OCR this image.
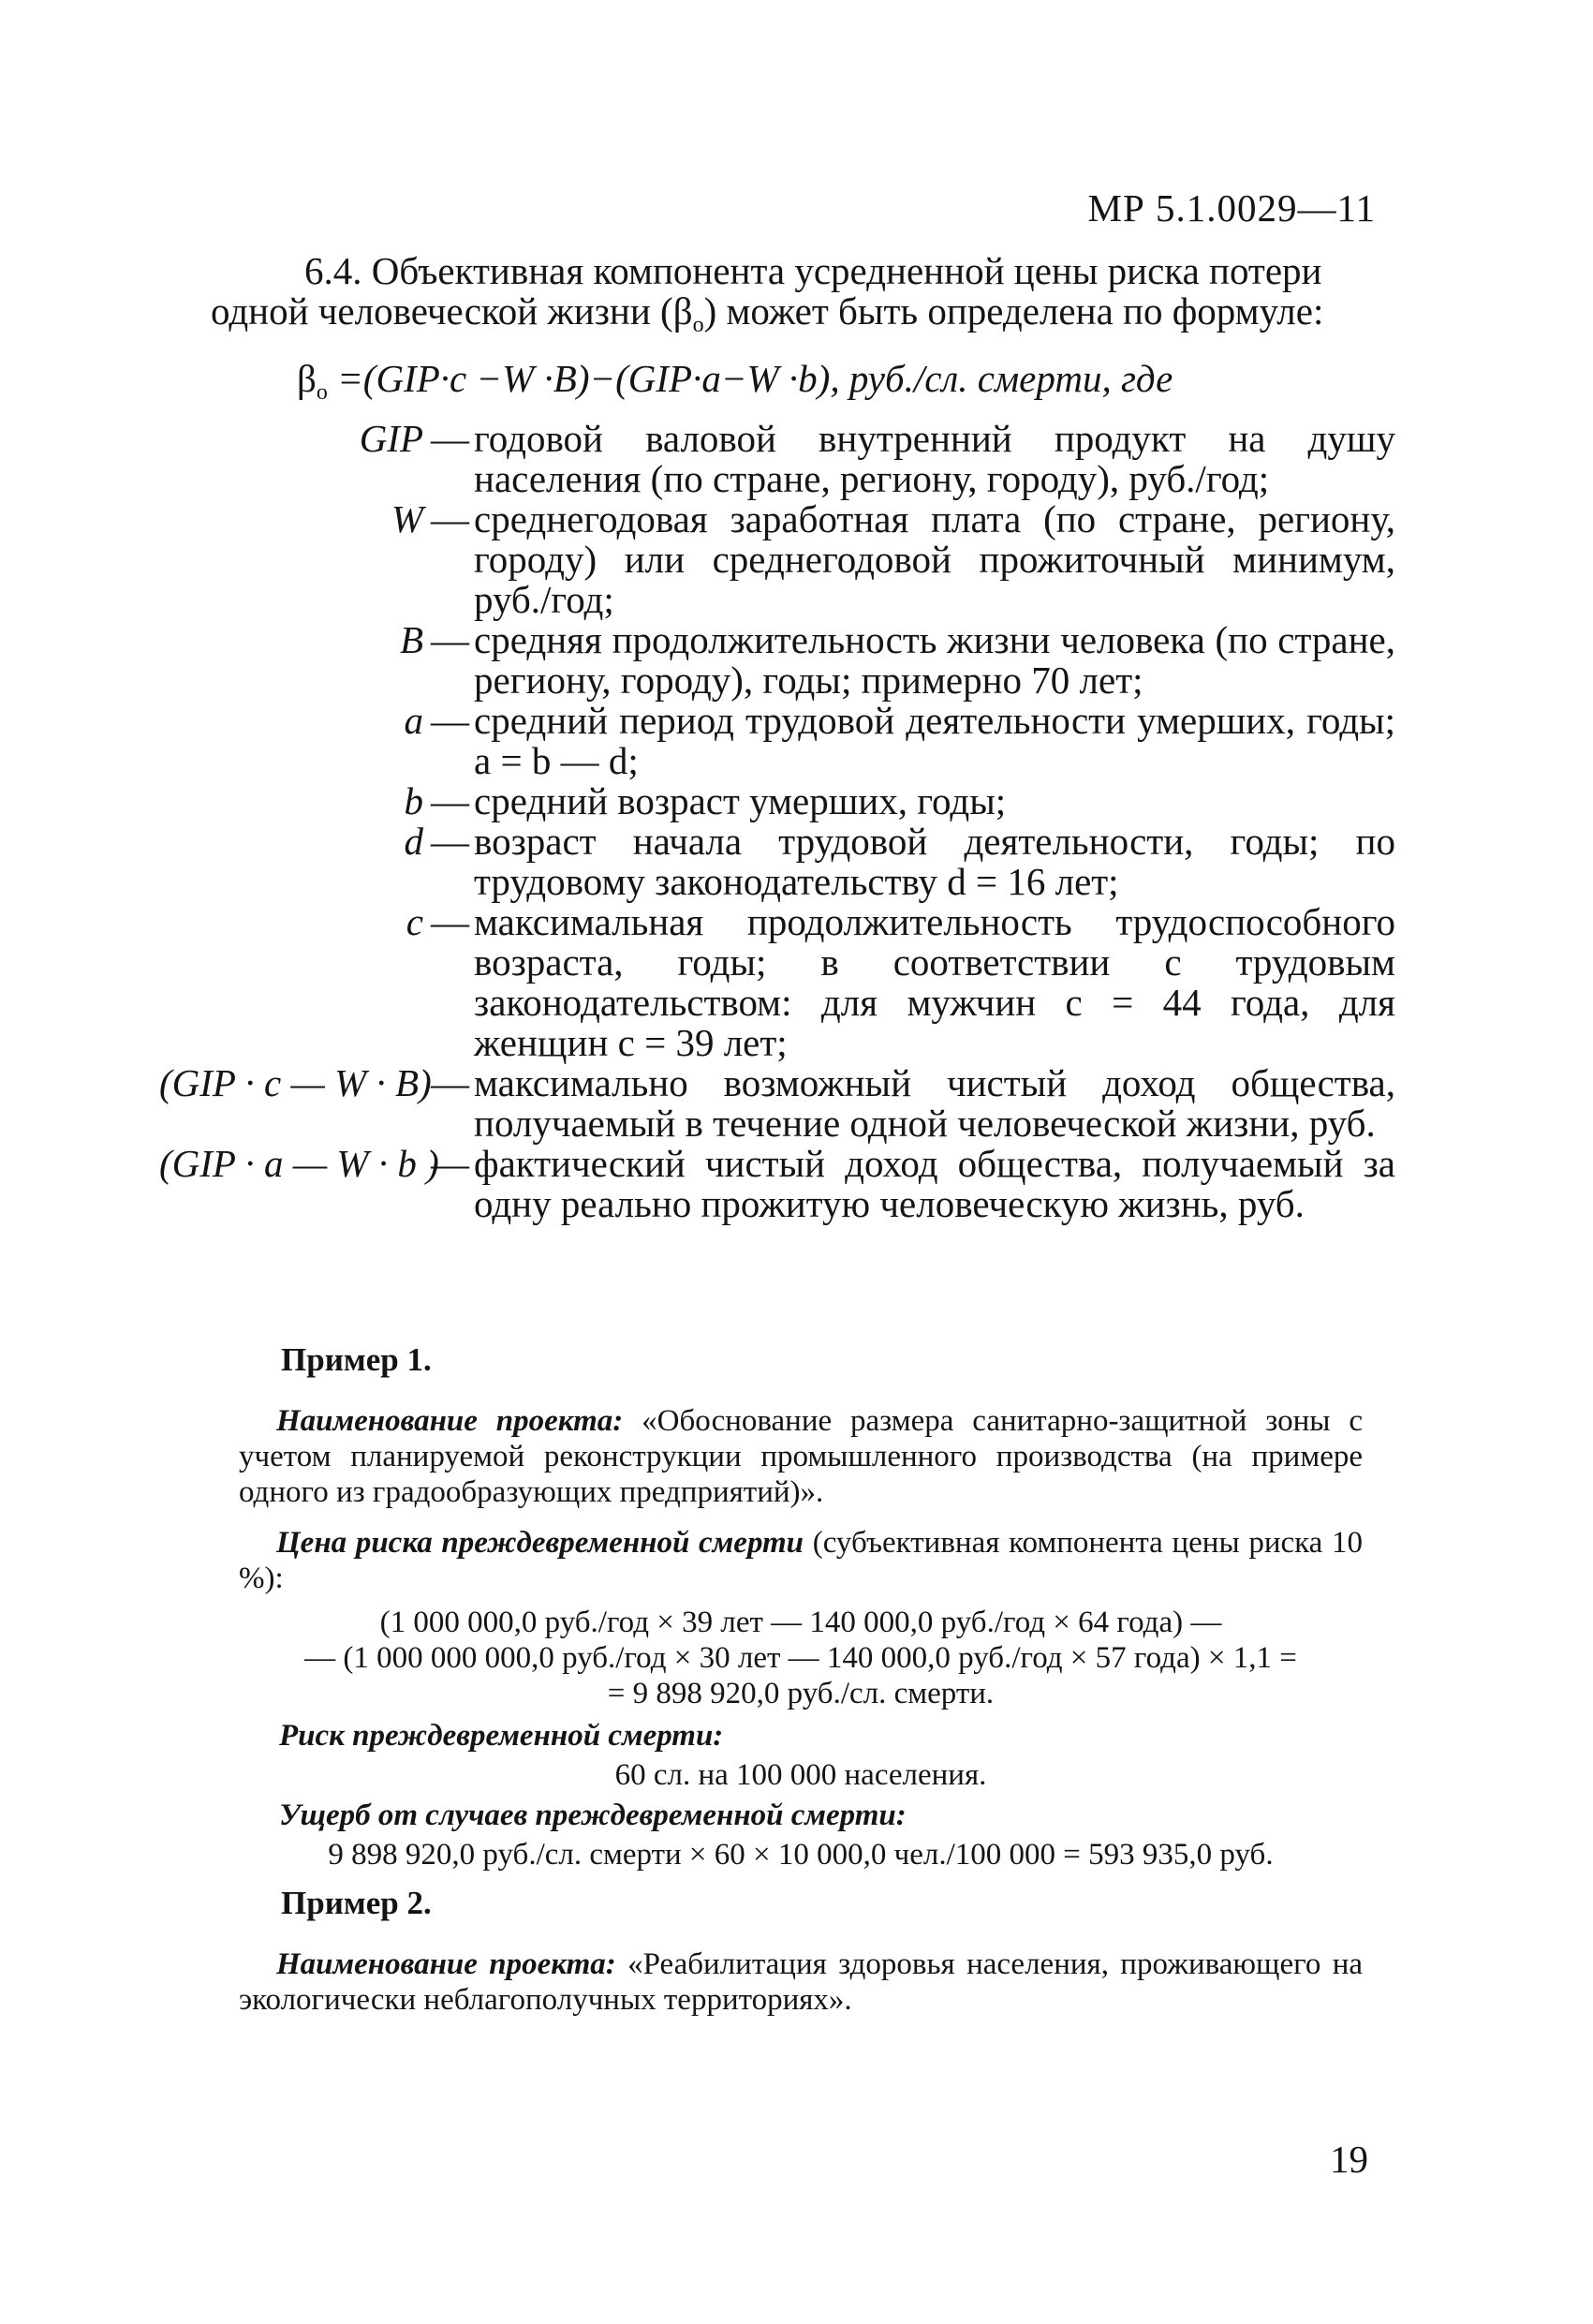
МР 5.1.0029—11
6.4. Объективная компонента усредненной цены риска потери
одной человеческой жизни $(\beta_o)$ может быть определена по формуле:
$\beta_o =(GIP\cdot c -W \cdot B)-(GIP\cdot a-W \cdot b)$, руб./сл. смерти, где
GIP — годовой валовой внутренний продукт на душу населения (по стране, региону, городу), руб./год;
W — среднегодовая заработная плата (по стране, региону, городу) или среднегодовой прожиточный минимум, руб./год;
B — средняя продолжительность жизни человека (по стране, региону, городу), годы; примерно 70 лет;
a — средний период трудовой деятельности умерших, годы; a = b — d;
b — средний возраст умерших, годы;
d — возраст начала трудовой деятельности, годы; по трудовому законодательству d = 16 лет;
c — максимальная продолжительность трудоспособного возраста, годы; в соответствии с трудовым законодательством: для мужчин c = 44 года, для женщин c = 39 лет;
(GIP · c — W · B) — максимально возможный чистый доход общества, получаемый в течение одной человеческой жизни, руб.
(GIP · a — W · b )
— фактический чистый доход общества, получаемый за одну реально прожитую человеческую жизнь, руб.
Пример 1.
Наименование проекта: «Обоснование размера санитарно-защитной зоны с учетом планируемой реконструкции промышленного производства (на примере одного из градообразующих предприятий)».
Цена риска преждевременной смерти (субъективная компонента цены риска 10 %):
(1 000 000,0 руб./год × 39 лет — 140 000,0 руб./год × 64 года) —
— (1 000 000 000,0 руб./год × 30 лет — 140 000,0 руб./год × 57 года) × 1,1 =
= 9 898 920,0 руб./сл. смерти.
Риск преждевременной смерти:
60 сл. на 100 000 населения.
Ущерб от случаев преждевременной смерти:
9 898 920,0 руб./сл. смерти × 60 × 10 000,0 чел./100 000 = 593 935,0 руб.
Пример 2.
Наименование проекта: «Реабилитация здоровья населения, проживающего на экологически неблагополучных территориях».
19
